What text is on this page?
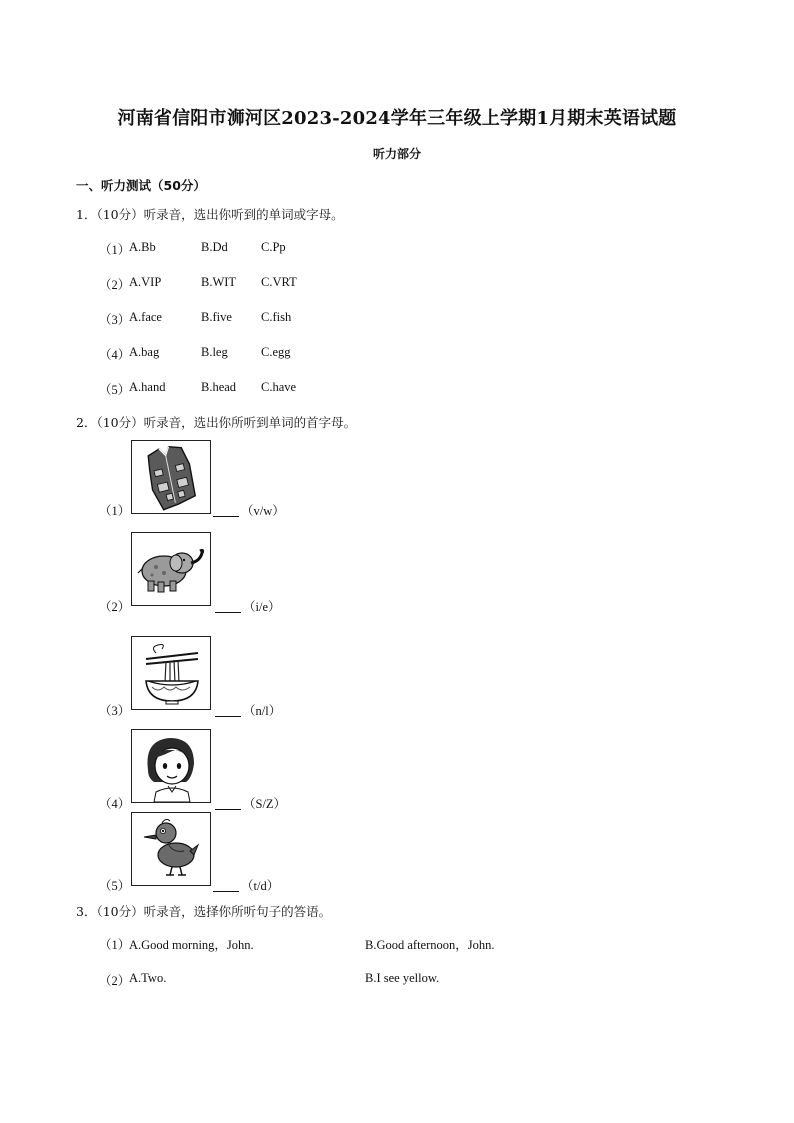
河南省信阳市浉河区2023-2024学年三年级上学期1月期末英语试题
听力部分
一、听力测试（50分）
1．（10分）听录音，选出你听到的单词或字母。
（1）
A.Bb	B.Dd	C.Pp
（2）
A.VIP	B.WIT C.VRT
（3）
A.face	B.five C.fish
（4）
A.bag	B.leg	C.egg
（5）
A.hand	B.head C.have
2．（10分）听录音，选出你所听到单词的首字母。
（1）	（v/w）
（2）	（i/e）
（3）	（n/l）
（4）	（S/Z）
（5）	（t/d）
3．（10分）听录音，选择你所听句子的答语。
（1）
A.Good morning，John.	B.Good afternoon，John.
（2）
A.Two.	B.I see yellow.
